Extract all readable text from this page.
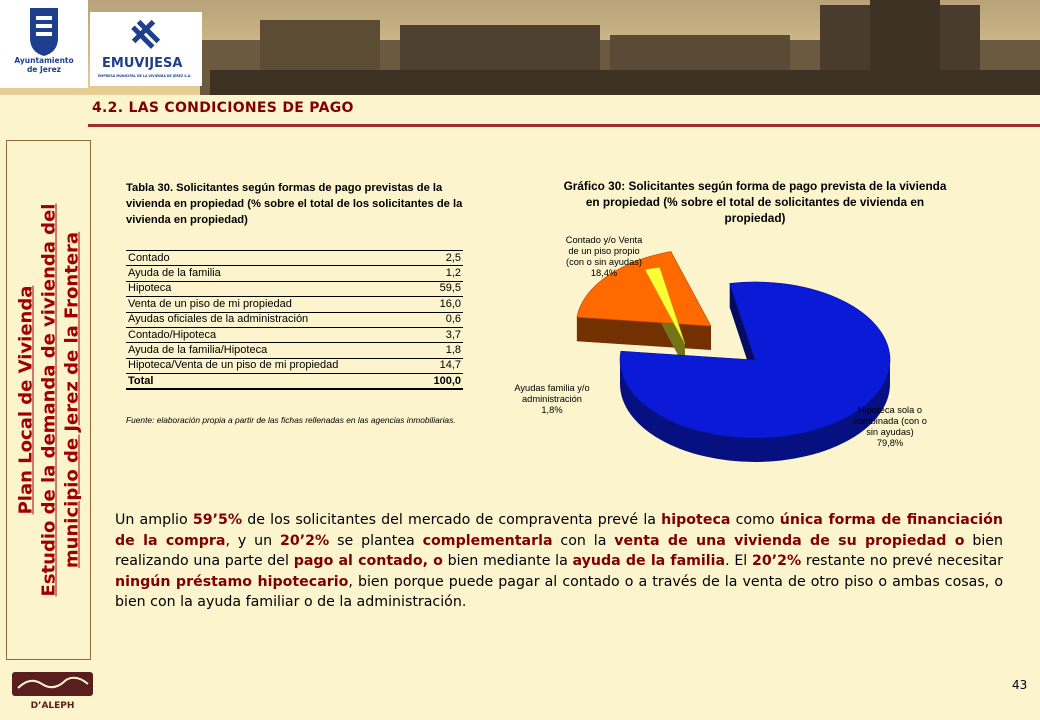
Ayuntamiento de Jerez	EMUVIJESA
EMPRESA MUNICIPAL DE LA VIVIENDA DE JEREZ S.A.
4.2. LAS CONDICIONES DE PAGO
Plan Local de Vivienda Estudio de la demanda de vivienda del municipio de Jerez de la Frontera
Tabla 30. Solicitantes según formas de pago previstas de la vivienda en propiedad (% sobre el total de los solicitantes de la vivienda en propiedad)
Contado	2,5
Ayuda de la familia	1,2
Hipoteca	59,5
Venta de un piso de mi propiedad	16,0
Ayudas oficiales de la administración	0,6
Contado/Hipoteca	3,7
Ayuda de la familia/Hipoteca	1,8
Hipoteca/Venta de un piso de mi propiedad	14,7
Total	100,0
Fuente: elaboración propia a partir de las fichas rellenadas en las agencias inmobiliarias.
Gráfico 30: Solicitantes según forma de pago prevista de la vivienda en propiedad (% sobre el total de solicitantes de vivienda en propiedad)
Hipoteca sola o combinada (con o sin ayudas) 79,8%
Contado y/o Venta de un piso propio (con o sin ayudas) 18,4%
Ayudas familia y/o administración 1,8%

Un amplio 59’5% de los solicitantes del mercado de compraventa prevé la hipoteca como única forma de financiación de la compra, y un 20’2% se plantea complementarla con la venta de una vivienda de su propiedad o bien realizando una parte del pago al contado, o bien mediante la ayuda de la familia. El 20’2% restante no prevé necesitar ningún préstamo hipotecario, bien porque puede pagar al contado o a través de la venta de otro piso o ambas cosas, o bien con la ayuda familiar o de la administración.

D’ALEPH
43
